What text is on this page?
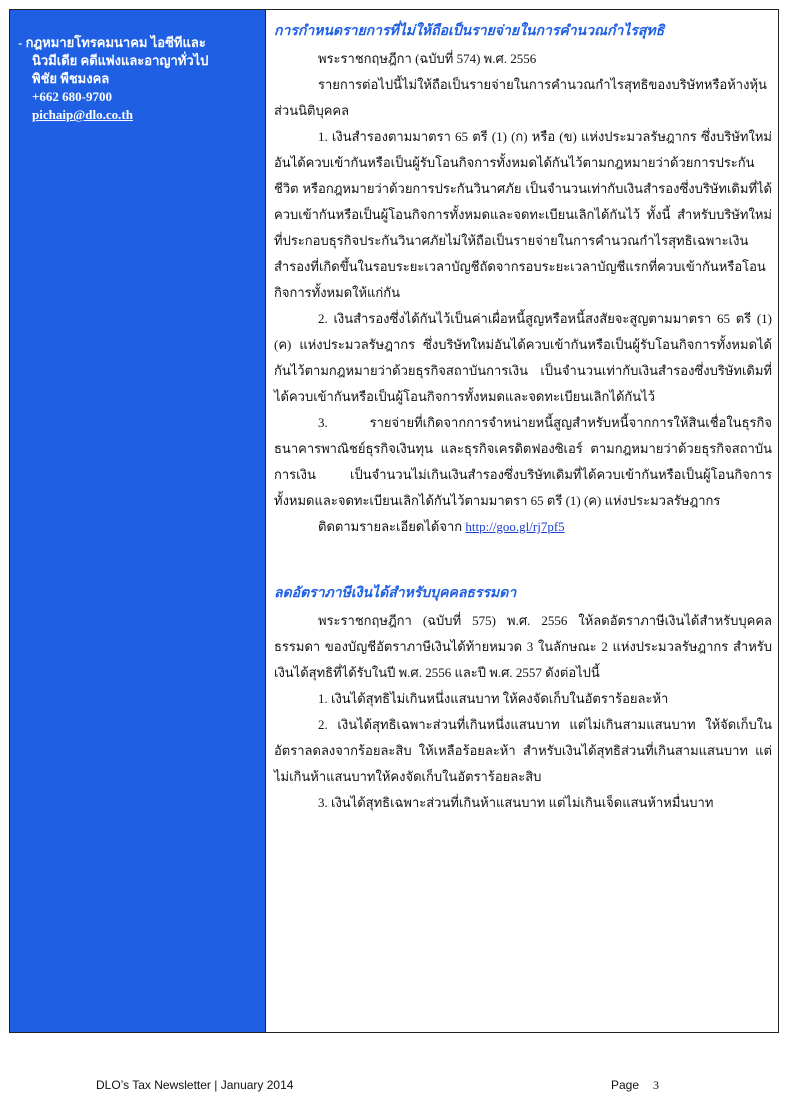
- กฎหมายโทรคมนาคม ไอซีทีและ

นิวมีเดีย คดีแพ่งและอาญาทั่วไป

พิชัย พืชมงคล

+662 680-9700

pichaip@dlo.co.th

การกำหนดรายการที่ไม่ให้ถือเป็นรายจ่ายในการคำนวณกำไรสุทธิ

พระราชกฤษฎีกา (ฉบับที่ 574) พ.ศ. 2556

รายการต่อไปนี้ไม่ให้ถือเป็นรายจ่ายในการคำนวณกำไรสุทธิของบริษัทหรือห้างหุ้นส่วนนิติบุคคล

1. เงินสำรองตามมาตรา 65 ตรี (1) (ก) หรือ (ข) แห่งประมวลรัษฎากร ซึ่งบริษัทใหม่อันได้ควบเข้ากันหรือเป็นผู้รับโอนกิจการทั้งหมดได้กันไว้ตามกฎหมายว่าด้วยการประกันชีวิต หรือกฎหมายว่าด้วยการประกันวินาศภัย เป็นจำนวนเท่ากับเงินสำรองซึ่งบริษัทเดิมที่ได้ควบเข้ากันหรือเป็นผู้โอนกิจการทั้งหมดและจดทะเบียนเลิกได้กันไว้ ทั้งนี้ สำหรับบริษัทใหม่ที่ประกอบธุรกิจประกันวินาศภัยไม่ให้ถือเป็นรายจ่ายในการคำนวณกำไรสุทธิเฉพาะเงินสำรองที่เกิดขึ้นในรอบระยะเวลาบัญชีถัดจากรอบระยะเวลาบัญชีแรกที่ควบเข้ากันหรือโอนกิจการทั้งหมดให้แก่กัน

2. เงินสำรองซึ่งได้กันไว้เป็นค่าเผื่อหนี้สูญหรือหนี้สงสัยจะสูญตามมาตรา 65 ตรี (1) (ค) แห่งประมวลรัษฎากร ซึ่งบริษัทใหม่อันได้ควบเข้ากันหรือเป็นผู้รับโอนกิจการทั้งหมดได้กันไว้ตามกฎหมายว่าด้วยธุรกิจสถาบันการเงิน เป็นจำนวนเท่ากับเงินสำรองซึ่งบริษัทเดิมที่ได้ควบเข้ากันหรือเป็นผู้โอนกิจการทั้งหมดและจดทะเบียนเลิกได้กันไว้

3. รายจ่ายที่เกิดจากการจำหน่ายหนี้สูญสำหรับหนี้จากการให้สินเชื่อในธุรกิจธนาคารพาณิชย์ธุรกิจเงินทุน และธุรกิจเครดิตฟองซิเอร์ ตามกฎหมายว่าด้วยธุรกิจสถาบันการเงิน เป็นจำนวนไม่เกินเงินสำรองซึ่งบริษัทเดิมที่ได้ควบเข้ากันหรือเป็นผู้โอนกิจการทั้งหมดและจดทะเบียนเลิกได้กันไว้ตามมาตรา 65 ตรี (1) (ค) แห่งประมวลรัษฎากร

ติดตามรายละเอียดได้จาก http://goo.gl/rj7pf5

ลดอัตราภาษีเงินได้สำหรับบุคคลธรรมดา

พระราชกฤษฎีกา (ฉบับที่ 575) พ.ศ. 2556 ให้ลดอัตราภาษีเงินได้สำหรับบุคคลธรรมดา ของบัญชีอัตราภาษีเงินได้ท้ายหมวด 3 ในลักษณะ 2 แห่งประมวลรัษฎากร สำหรับเงินได้สุทธิที่ได้รับในปี พ.ศ. 2556 และปี พ.ศ. 2557 ดังต่อไปนี้

1. เงินได้สุทธิไม่เกินหนึ่งแสนบาท ให้คงจัดเก็บในอัตราร้อยละห้า

2. เงินได้สุทธิเฉพาะส่วนที่เกินหนึ่งแสนบาท แต่ไม่เกินสามแสนบาท ให้จัดเก็บในอัตราลดลงจากร้อยละสิบ ให้เหลือร้อยละห้า สำหรับเงินได้สุทธิส่วนที่เกินสามแสนบาท แต่ไม่เกินห้าแสนบาทให้คงจัดเก็บในอัตราร้อยละสิบ

3. เงินได้สุทธิเฉพาะส่วนที่เกินห้าแสนบาท แต่ไม่เกินเจ็ดแสนห้าหมื่นบาท

DLO’s Tax Newsletter | January 2014	Page 3
